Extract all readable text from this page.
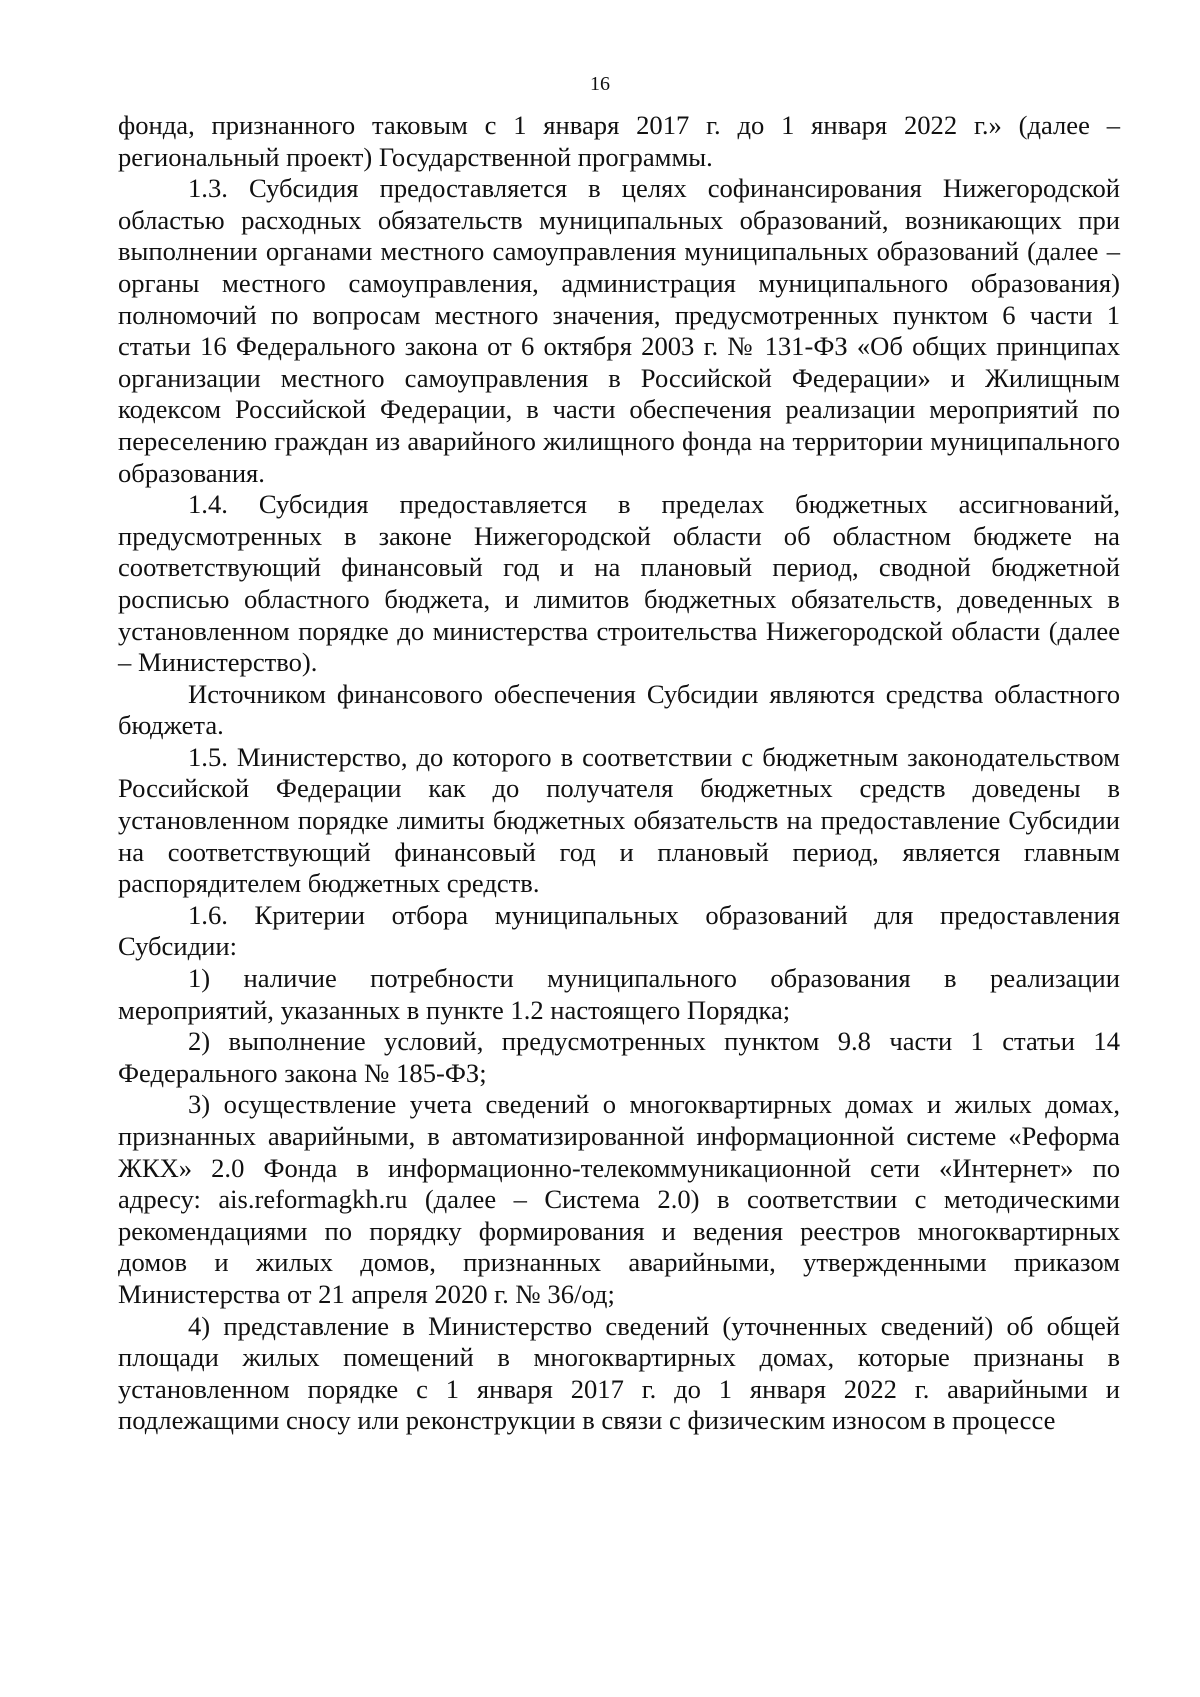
16

фонда, признанного таковым с 1 января 2017 г. до 1 января 2022 г.» (далее – региональный проект) Государственной программы.

1.3. Субсидия предоставляется в целях софинансирования Нижегородской областью расходных обязательств муниципальных образований, возникающих при выполнении органами местного самоуправления муниципальных образований (далее – органы местного самоуправления, администрация муниципального образования) полномочий по вопросам местного значения, предусмотренных пунктом 6 части 1 статьи 16 Федерального закона от 6 октября 2003 г. № 131-ФЗ «Об общих принципах организации местного самоуправления в Российской Федерации» и Жилищным кодексом Российской Федерации, в части обеспечения реализации мероприятий по переселению граждан из аварийного жилищного фонда на территории муниципального образования.

1.4. Субсидия предоставляется в пределах бюджетных ассигнований, предусмотренных в законе Нижегородской области об областном бюджете на соответствующий финансовый год и на плановый период, сводной бюджетной росписью областного бюджета, и лимитов бюджетных обязательств, доведенных в установленном порядке до министерства строительства Нижегородской области (далее – Министерство).

Источником финансового обеспечения Субсидии являются средства областного бюджета.

1.5. Министерство, до которого в соответствии с бюджетным законодательством Российской Федерации как до получателя бюджетных средств доведены в установленном порядке лимиты бюджетных обязательств на предоставление Субсидии на соответствующий финансовый год и плановый период, является главным распорядителем бюджетных средств.

1.6. Критерии отбора муниципальных образований для предоставления Субсидии:

1) наличие потребности муниципального образования в реализации мероприятий, указанных в пункте 1.2 настоящего Порядка;

2) выполнение условий, предусмотренных пунктом 9.8 части 1 статьи 14 Федерального закона № 185-ФЗ;

3) осуществление учета сведений о многоквартирных домах и жилых домах, признанных аварийными, в автоматизированной информационной системе «Реформа ЖКХ» 2.0 Фонда в информационно-телекоммуникационной сети «Интернет» по адресу: ais.reformagkh.ru (далее – Система 2.0) в соответствии с методическими рекомендациями по порядку формирования и ведения реестров многоквартирных домов и жилых домов, признанных аварийными, утвержденными приказом Министерства от 21 апреля 2020 г. № 36/од;

4) представление в Министерство сведений (уточненных сведений) об общей площади жилых помещений в многоквартирных домах, которые признаны в установленном порядке с 1 января 2017 г. до 1 января 2022 г. аварийными и подлежащими сносу или реконструкции в связи с физическим износом в процессе
